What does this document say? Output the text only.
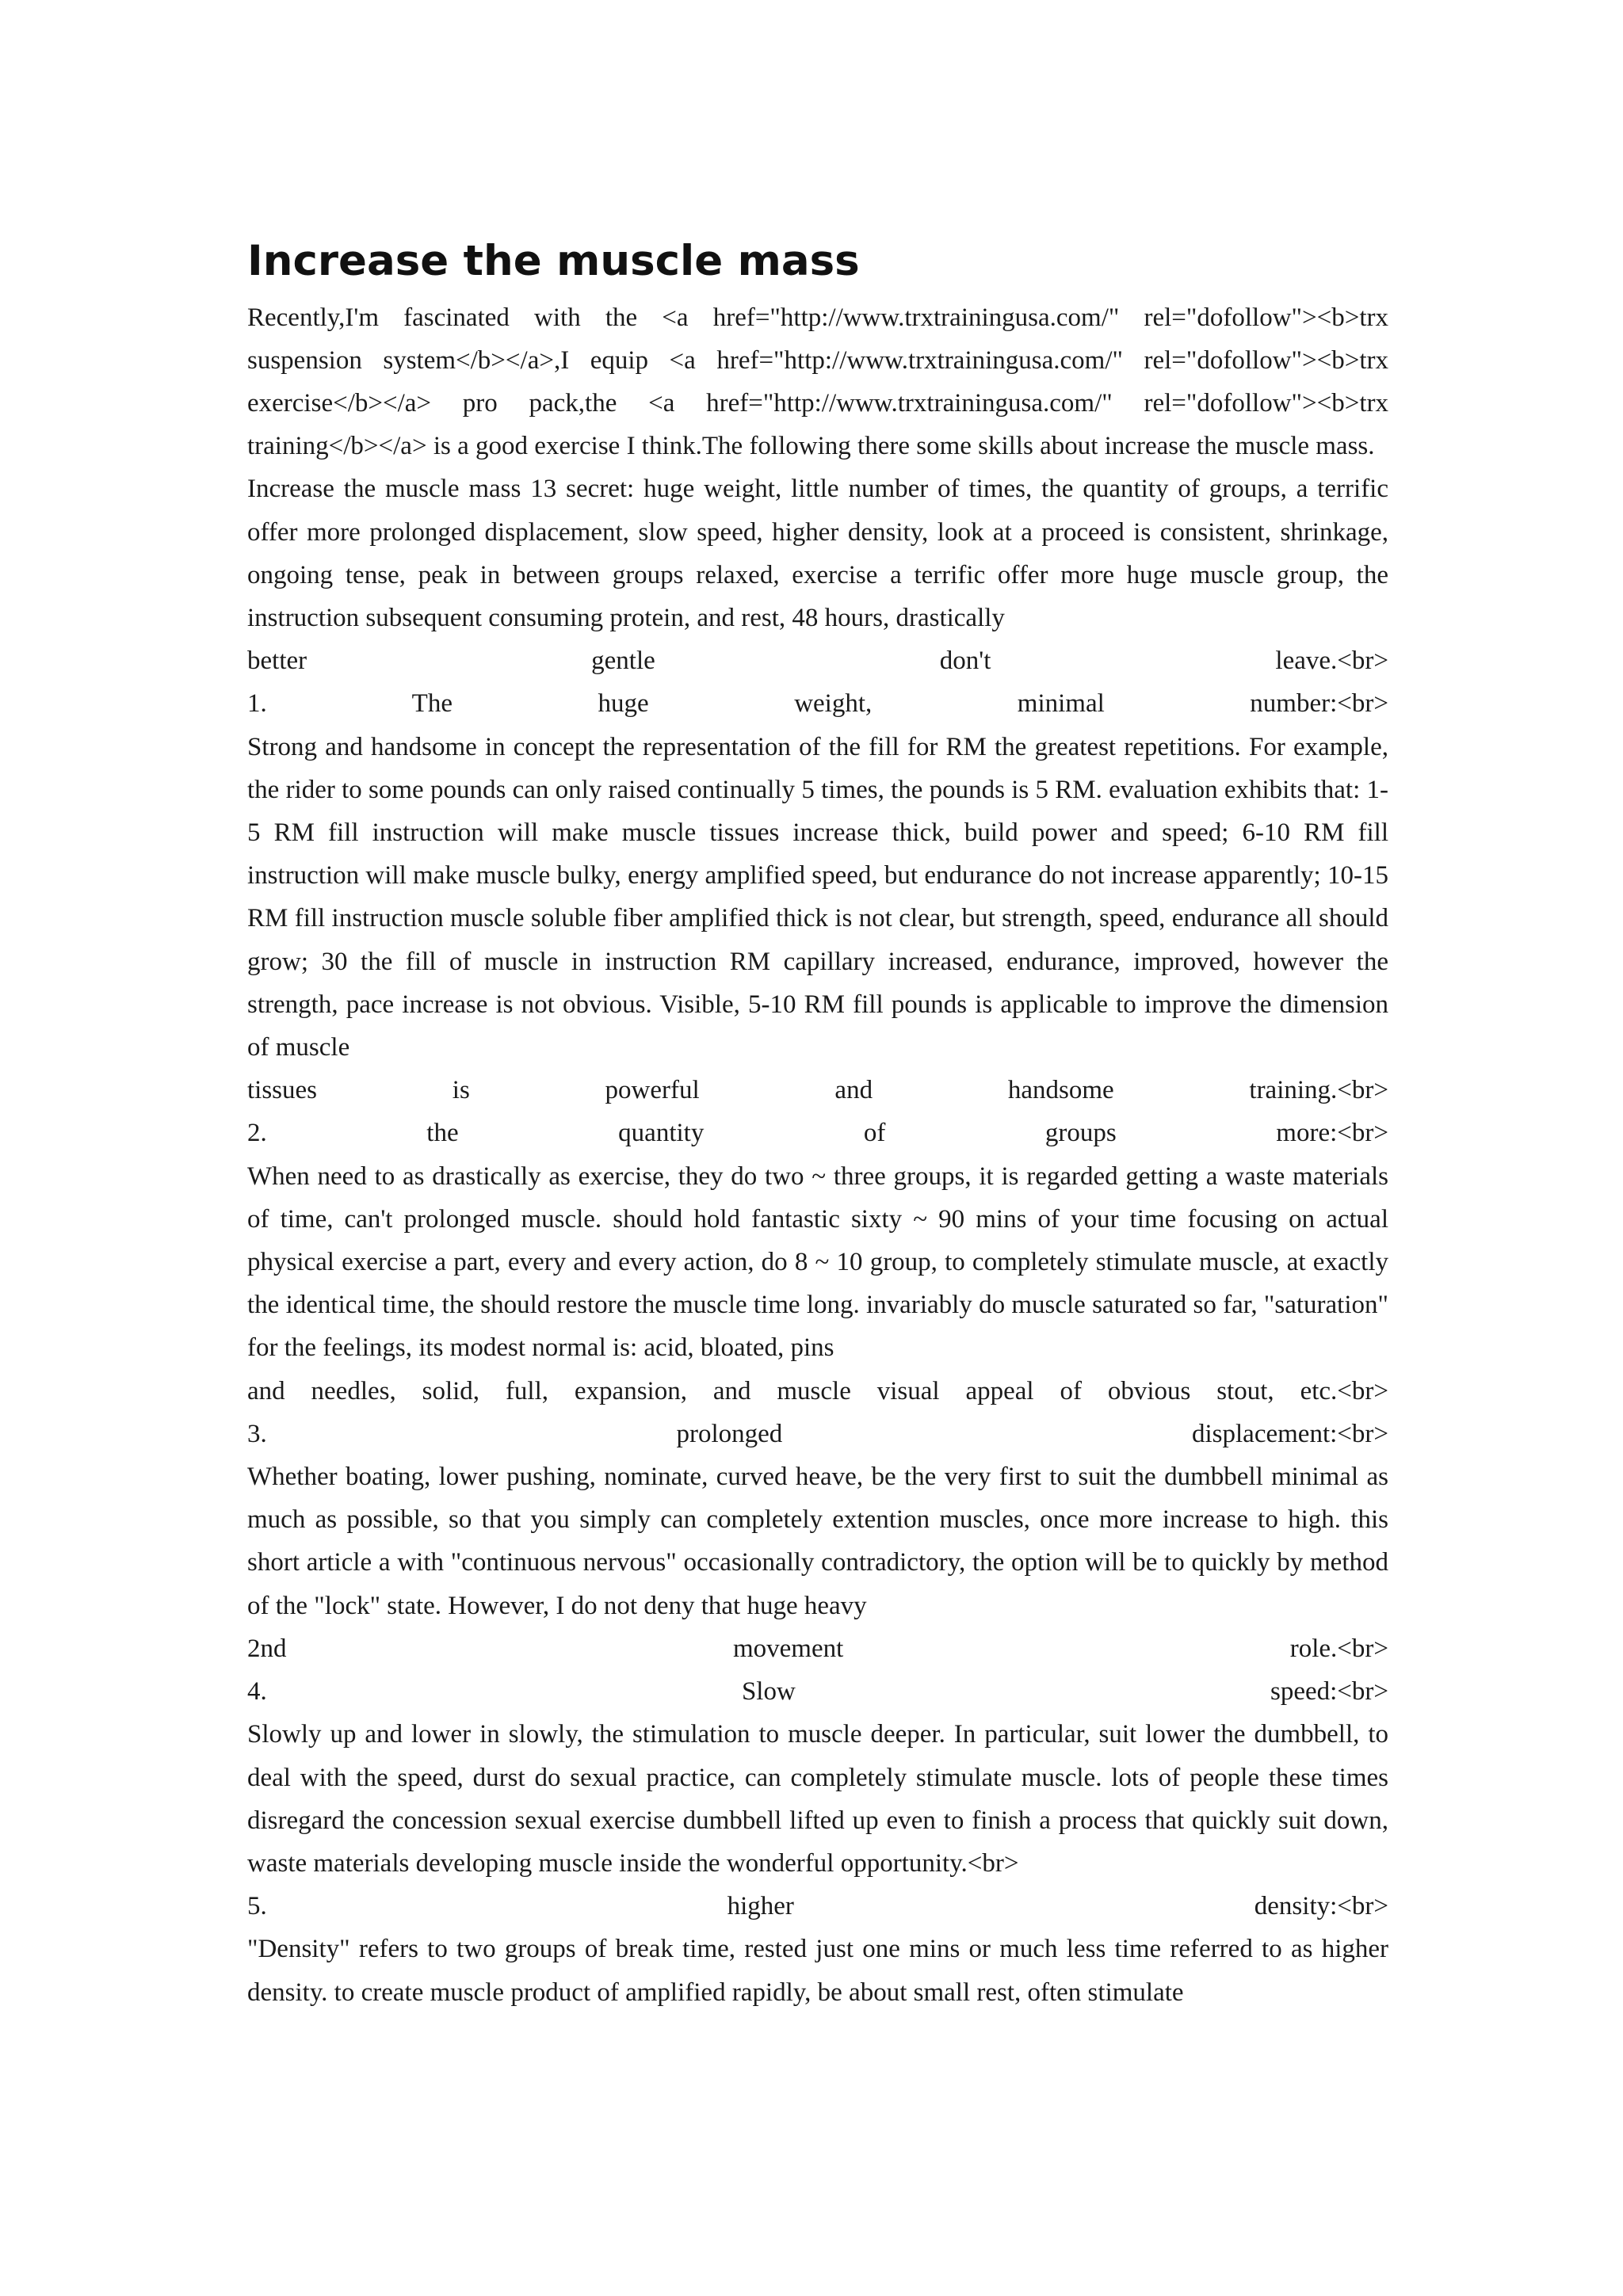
Increase the muscle mass
Recently,I'm fascinated with the <a href="http://www.trxtrainingusa.com/" rel="dofollow"><b>trx suspension system</b></a>,I equip <a href="http://www.trxtrainingusa.com/" rel="dofollow"><b>trx exercise</b></a> pro pack,the <a href="http://www.trxtrainingusa.com/" rel="dofollow"><b>trx training</b></a> is a good exercise I think.The following there some skills about increase the muscle mass.
Increase the muscle mass 13 secret: huge weight, little number of times, the quantity of groups, a terrific offer more prolonged displacement, slow speed, higher density, look at a proceed is consistent, shrinkage, ongoing tense, peak in between groups relaxed, exercise a terrific offer more huge muscle group, the instruction subsequent consuming protein, and rest, 48 hours, drastically
better gentle don't leave.<br>
1. The huge weight, minimal number:<br>
Strong and handsome in concept the representation of the fill for RM the greatest repetitions. For example, the rider to some pounds can only raised continually 5 times, the pounds is 5 RM. evaluation exhibits that: 1-5 RM fill instruction will make muscle tissues increase thick, build power and speed; 6-10 RM fill instruction will make muscle bulky, energy amplified speed, but endurance do not increase apparently; 10-15 RM fill instruction muscle soluble fiber amplified thick is not clear, but strength, speed, endurance all should grow; 30 the fill of muscle in instruction RM capillary increased, endurance, improved, however the strength, pace increase is not obvious. Visible, 5-10 RM fill pounds is applicable to improve the dimension of muscle
tissues is powerful and handsome training.<br>
2. the quantity of groups more:<br>
When need to as drastically as exercise, they do two ~ three groups, it is regarded getting a waste materials of time, can't prolonged muscle. should hold fantastic sixty ~ 90 mins of your time focusing on actual physical exercise a part, every and every action, do 8 ~ 10 group, to completely stimulate muscle, at exactly the identical time, the should restore the muscle time long. invariably do muscle saturated so far, "saturation" for the feelings, its modest normal is: acid, bloated, pins
and needles, solid, full, expansion, and muscle visual appeal of obvious stout, etc.<br>
3. prolonged displacement:<br>
Whether boating, lower pushing, nominate, curved heave, be the very first to suit the dumbbell minimal as much as possible, so that you simply can completely extention muscles, once more increase to high. this short article a with "continuous nervous" occasionally contradictory, the option will be to quickly by method of the "lock" state. However, I do not deny that huge heavy
2nd movement role.<br>
4. Slow speed:<br>
Slowly up and lower in slowly, the stimulation to muscle deeper. In particular, suit lower the dumbbell, to deal with the speed, durst do sexual practice, can completely stimulate muscle. lots of people these times disregard the concession sexual exercise dumbbell lifted up even to finish a process that quickly suit down, waste materials developing muscle inside the wonderful opportunity.<br>
5. higher density:<br>
"Density" refers to two groups of break time, rested just one mins or much less time referred to as higher density. to create muscle product of amplified rapidly, be about small rest, often stimulate
